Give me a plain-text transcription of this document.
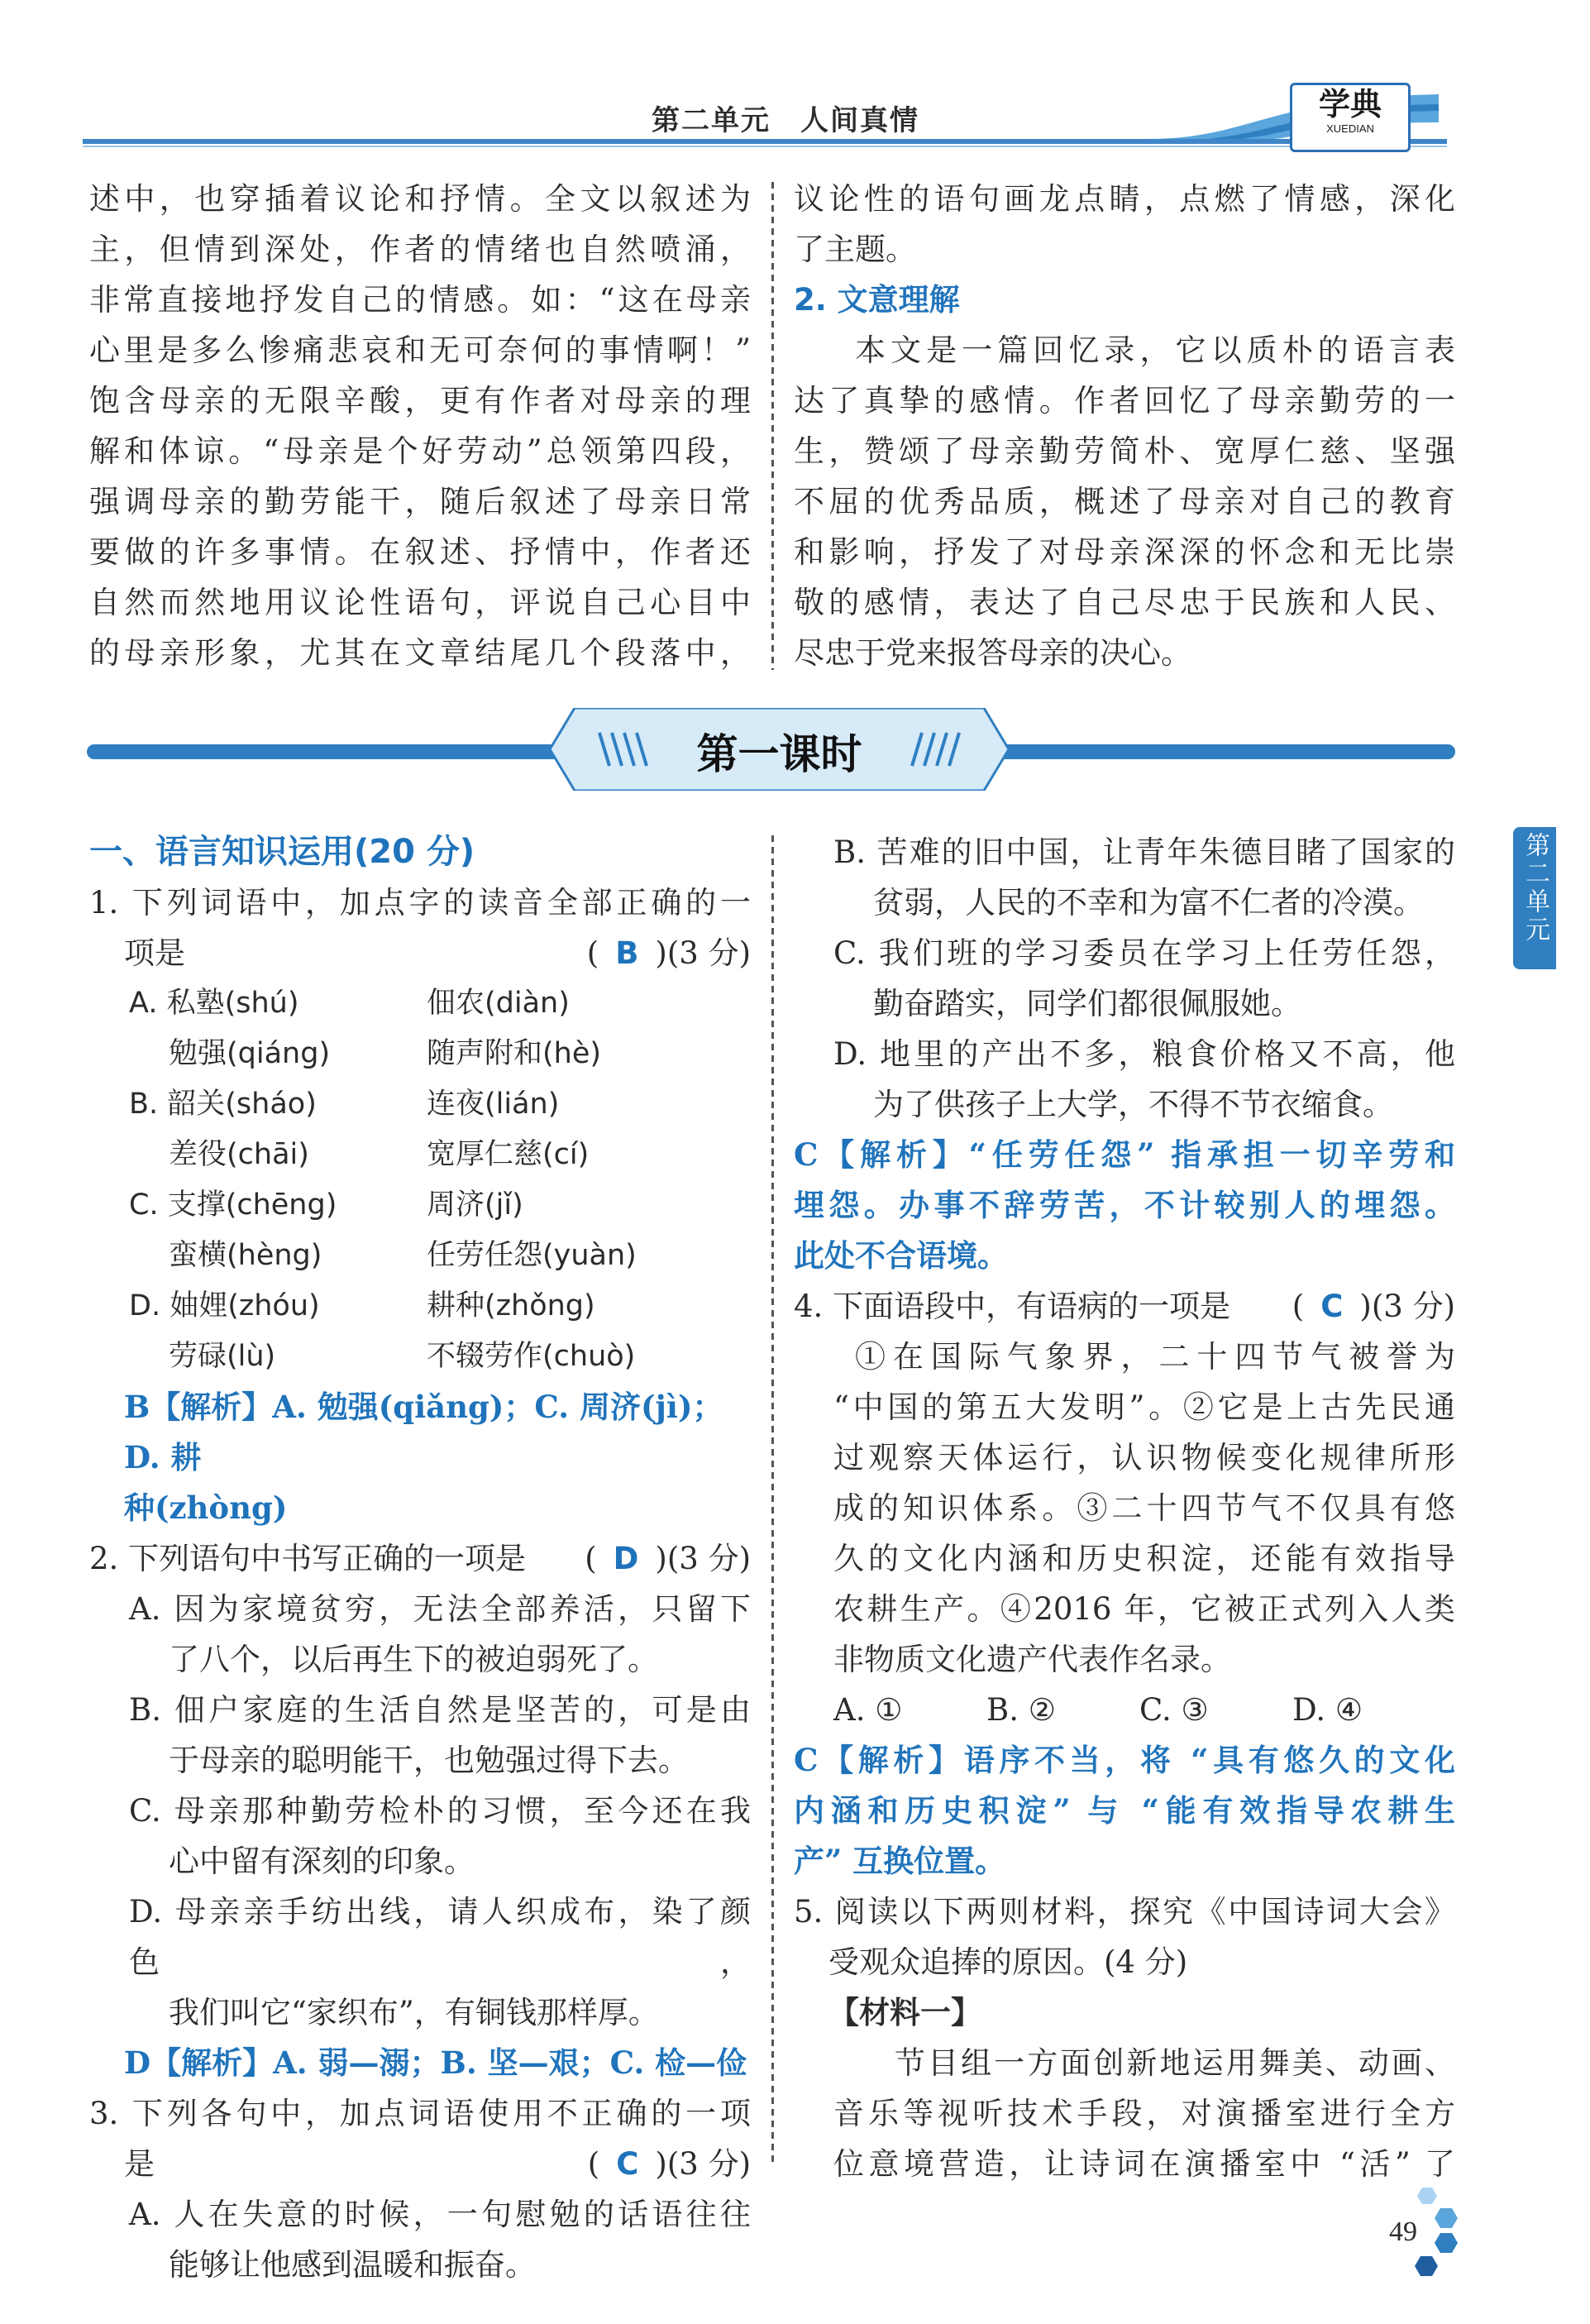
第二单元　人间真情	学典
XUEDIAN
第二单元

述中，也穿插着议论和抒情。全文以叙述为

主，但情到深处，作者的情绪也自然喷涌，

非常直接地抒发自己的情感。如：“这在母亲

心里是多么惨痛悲哀和无可奈何的事情啊！”

饱含母亲的无限辛酸，更有作者对母亲的理

解和体谅。“母亲是个好劳动”总领第四段，

强调母亲的勤劳能干，随后叙述了母亲日常

要做的许多事情。在叙述、抒情中，作者还

自然而然地用议论性语句，评说自己心目中

的母亲形象，尤其在文章结尾几个段落中，

议论性的语句画龙点睛，点燃了情感，深化

了主题。

2. 文意理解

本文是一篇回忆录，它以质朴的语言表

达了真挚的感情。作者回忆了母亲勤劳的一

生，赞颂了母亲勤劳简朴、宽厚仁慈、坚强

不屈的优秀品质，概述了母亲对自己的教育

和影响，抒发了对母亲深深的怀念和无比崇

敬的感情，表达了自己尽忠于民族和人民、

尽忠于党来报答母亲的决心。

第一课时

一、语言知识运用(20 分)

1. 下列词语中，加点字的读音全部正确的一

项是	( B )(3 分)

A. 私塾(shú)	佃农(diàn)
勉强(qiáng)	随声附和(hè)
B. 韶关(sháo)	连夜(lián)
差役(chāi)	宽厚仁慈(cí)
C. 支撑(chēng)	周济(jǐ)
蛮横(hèng)	任劳任怨(yuàn)
D. 妯娌(zhóu)	耕种(zhǒng)
劳碌(lù)	不辍劳作(chuò)

B【解析】A. 勉强(qiǎng)；C. 周济(jì)；D. 耕

种(zhòng)

2. 下列语句中书写正确的一项是 ( D )(3 分)

A. 因为家境贫穷，无法全部养活，只留下

了八个，以后再生下的被迫弱死了。

B. 佃户家庭的生活自然是坚苦的，可是由

于母亲的聪明能干，也勉强过得下去。

C. 母亲那种勤劳检朴的习惯，至今还在我

心中留有深刻的印象。

D. 母亲亲手纺出线，请人织成布，染了颜色，

我们叫它“家织布”，有铜钱那样厚。

D【解析】A. 弱—溺；B. 坚—艰；C. 检—俭

3. 下列各句中，加点词语使用不正确的一项

是	( C )(3 分)

A. 人在失意的时候，一句慰勉的话语往往

能够让他感到温暖和振奋。

B. 苦难的旧中国，让青年朱德目睹了国家的

贫弱，人民的不幸和为富不仁者的冷漠。

C. 我们班的学习委员在学习上任劳任怨，

勤奋踏实，同学们都很佩服她。

D. 地里的产出不多，粮食价格又不高，他

为了供孩子上大学，不得不节衣缩食。

C【解析】“任劳任怨” 指承担一切辛劳和

埋怨。办事不辞劳苦，不计较别人的埋怨。

此处不合语境。

4. 下面语段中，有语病的一项是 ( C )(3 分)

①在国际气象界，二十四节气被誉为

“中国的第五大发明”。②它是上古先民通

过观察天体运行，认识物候变化规律所形

成的知识体系。③二十四节气不仅具有悠

久的文化内涵和历史积淀，还能有效指导

农耕生产。④2016 年，它被正式列入人类

非物质文化遗产代表作名录。

A. ①	B. ②	C. ③	D. ④

C【解析】语序不当，将 “具有悠久的文化

内涵和历史积淀” 与 “能有效指导农耕生

产” 互换位置。

5. 阅读以下两则材料，探究《中国诗词大会》

受观众追捧的原因。(4 分)

【材料一】

节目组一方面创新地运用舞美、动画、

音乐等视听技术手段，对演播室进行全方

位意境营造，让诗词在演播室中 “活” 了

49
